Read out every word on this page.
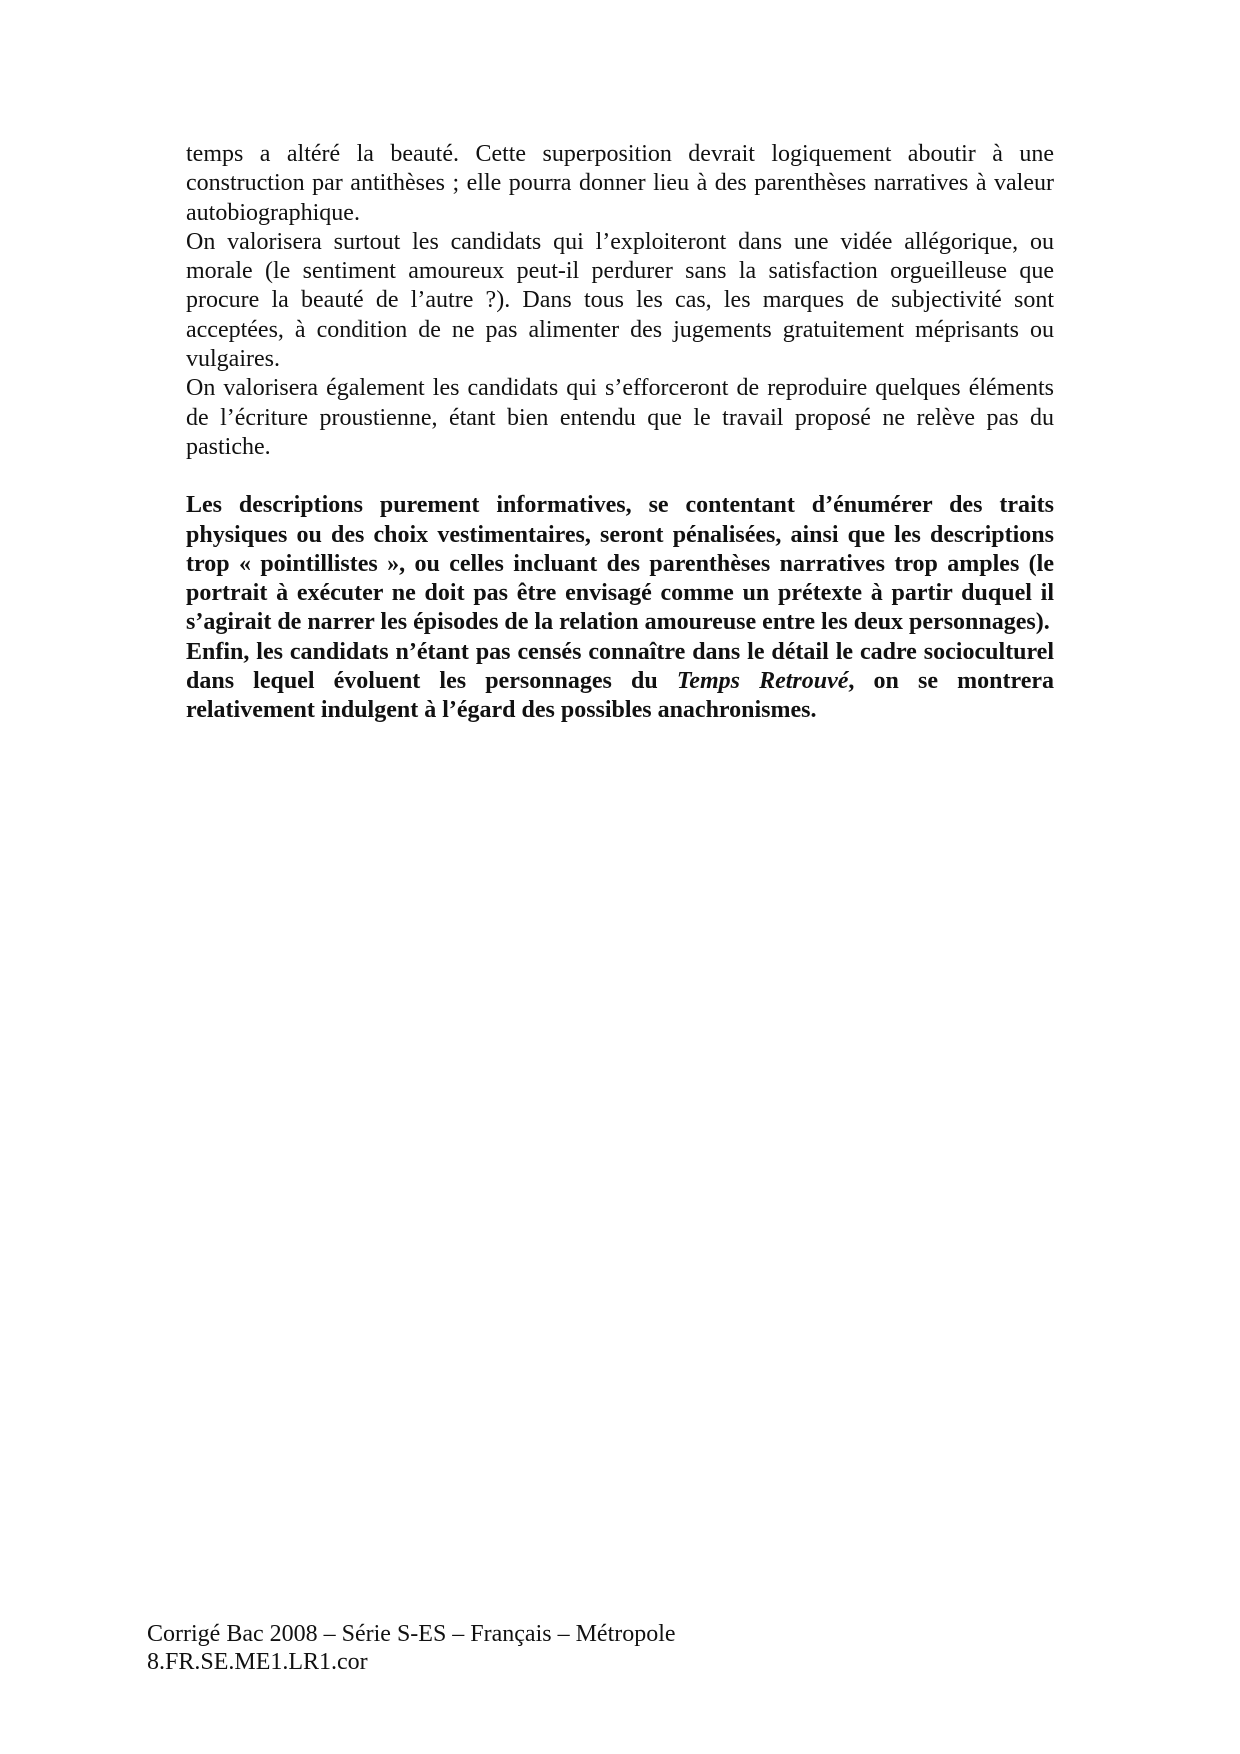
temps a altéré la beauté. Cette superposition devrait logiquement aboutir à une construction par antithèses ; elle pourra donner lieu à des parenthèses narratives à valeur autobiographique.

On valorisera surtout les candidats qui l’exploiteront dans une vidée allégorique, ou morale (le sentiment amoureux peut-il perdurer sans la satisfaction orgueilleuse que procure la beauté de l’autre ?). Dans tous les cas, les marques de subjectivité sont acceptées, à condition de ne pas alimenter des jugements gratuitement méprisants ou vulgaires.

On valorisera également les candidats qui s’efforceront de reproduire quelques éléments de l’écriture proustienne, étant bien entendu que le travail proposé ne relève pas du pastiche.

Les descriptions purement informatives, se contentant d’énumérer des traits physiques ou des choix vestimentaires, seront pénalisées, ainsi que les descriptions trop « pointillistes », ou celles incluant des parenthèses narratives trop amples (le portrait à exécuter ne doit pas être envisagé comme un prétexte à partir duquel il s’agirait de narrer les épisodes de la relation amoureuse entre les deux personnages).

Enfin, les candidats n’étant pas censés connaître dans le détail le cadre socioculturel dans lequel évoluent les personnages du Temps Retrouvé, on se montrera relativement indulgent à l’égard des possibles anachronismes.

Corrigé Bac 2008 – Série S-ES – Français – Métropole
8.FR.SE.ME1.LR1.cor
